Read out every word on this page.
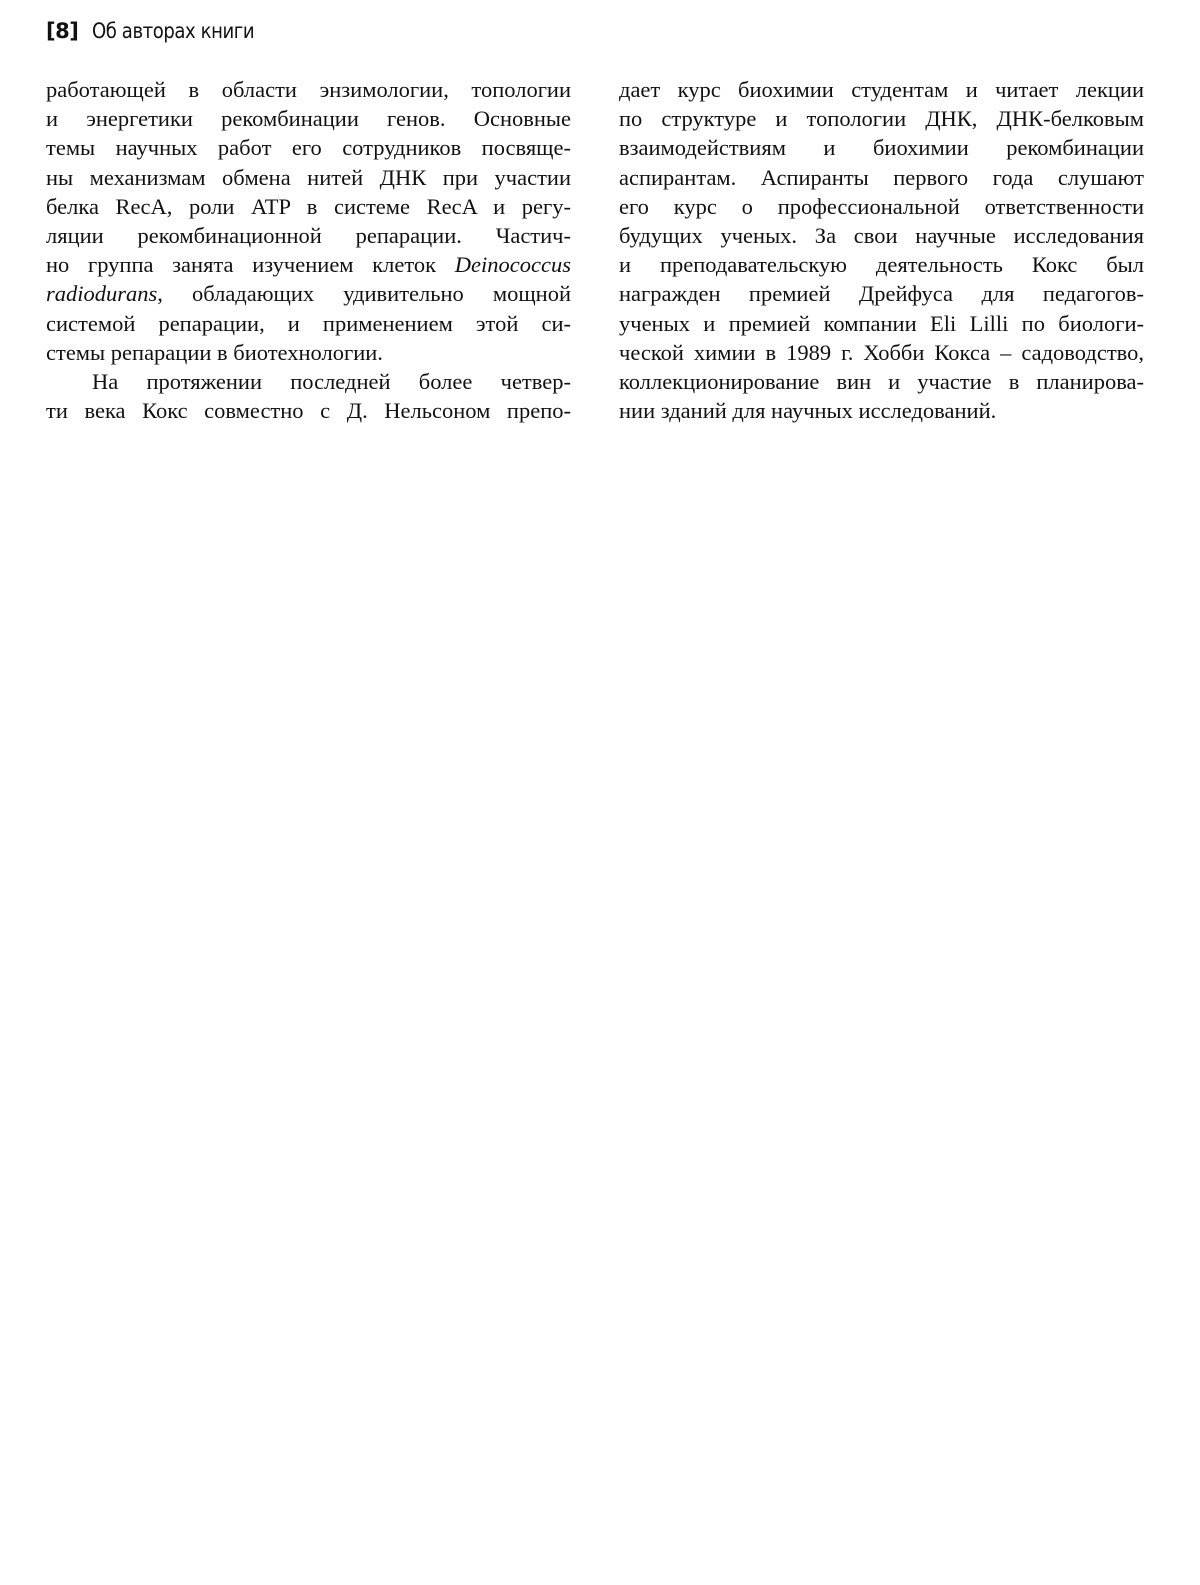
[8] Об авторах книги
работающей в области энзимологии, топологии
и энергетики рекомбинации генов. Основные
темы научных работ его сотрудников посвяще-
ны механизмам обмена нитей ДНК при участии
белка RecA, роли ATP в системе RecA и регу-
ляции рекомбинационной репарации. Частич-
но группа занята изучением клеток Deinococcus
radiodurans, обладающих удивительно мощной
системой репарации, и применением этой си-
стемы репарации в биотехнологии.
На протяжении последней более четвер-
ти века Кокс совместно с Д. Нельсоном препо-
дает курс биохимии студентам и читает лекции
по структуре и топологии ДНК, ДНК-белковым
взаимодействиям и биохимии рекомбинации
аспирантам. Аспиранты первого года слушают
его курс о профессиональной ответственности
будущих ученых. За свои научные исследования
и преподавательскую деятельность Кокс был
награжден премией Дрейфуса для педагогов-
ученых и премией компании Eli Lilli по биологи-
ческой химии в 1989 г. Хобби Кокса – садоводство,
коллекционирование вин и участие в планирова-
нии зданий для научных исследований.
